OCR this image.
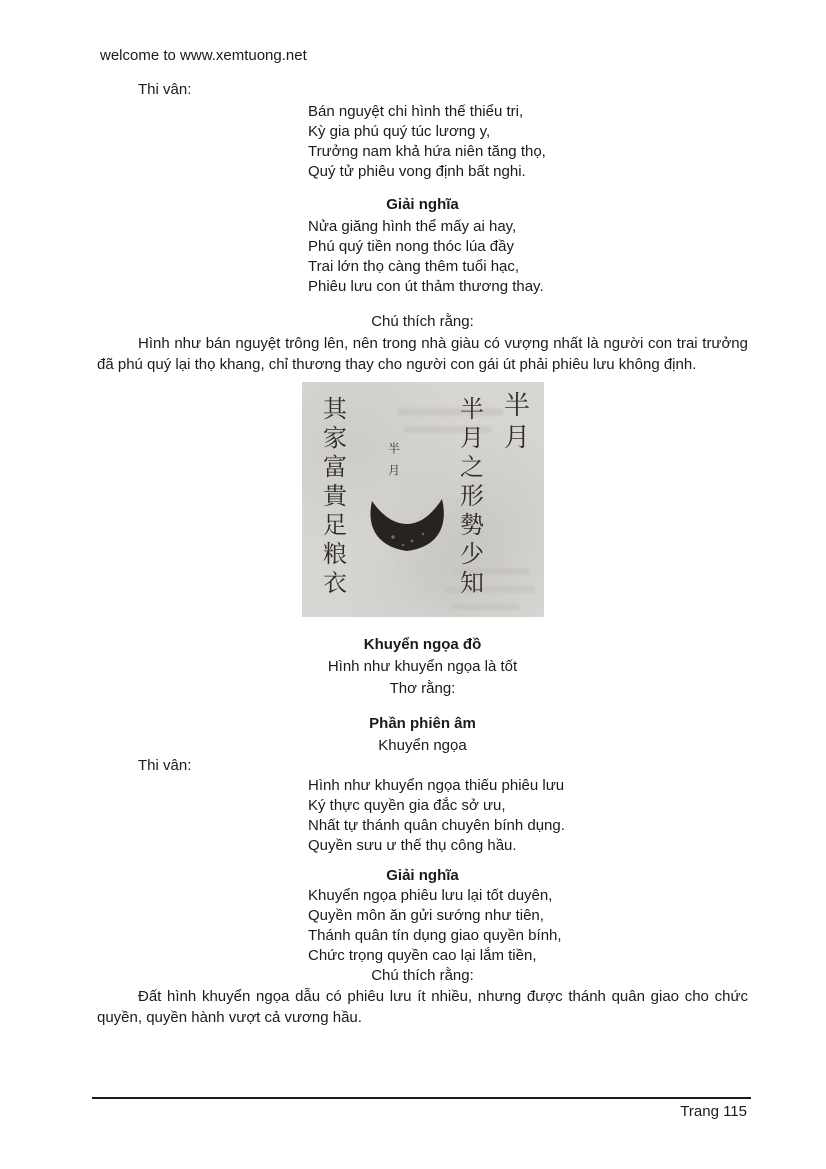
welcome to www.xemtuong.net
Thi vân:
Bán nguyệt chi hình thế thiểu tri,
Kỳ gia phú quý túc lương y,
Trưởng nam khả hứa niên tăng thọ,
Quý tử phiêu vong định bất nghi.
Giải nghĩa
Nửa giăng hình thể mấy ai hay,
Phú quý tiền nong thóc lúa đầy
Trai lớn thọ càng thêm tuổi hạc,
Phiêu lưu con út thảm thương thay.
Chú thích rằng:
Hình như bán nguyệt trông lên, nên trong nhà giàu có vượng nhất là người con trai trưởng đã phú quý lại thọ khang, chỉ thương thay cho người con gái út phải phiêu lưu không định.
其家富貴足粮衣	半月之形勢少知 半月
半月
Khuyển ngọa đồ
Hình như khuyển ngọa là tốt
Thơ rằng:
Phần phiên âm
Khuyển ngọa
Thi vân:
Hình như khuyển ngọa thiếu phiêu lưu
Ký thực quyền gia đắc sở ưu,
Nhất tự thánh quân chuyên bính dụng.
Quyền sưu ư thế thụ công hầu.
Giải nghĩa
Khuyển ngọa phiêu lưu lại tốt duyên,
Quyền môn ăn gửi sướng như tiên,
Thánh quân tín dụng giao quyền bính,
Chức trọng quyền cao lại lắm tiền,
Chú thích rằng:
Đất hình khuyển ngọa dẫu có phiêu lưu ít nhiều, nhưng được thánh quân giao cho chức quyền, quyền hành vượt cả vương hầu.
Trang 115
